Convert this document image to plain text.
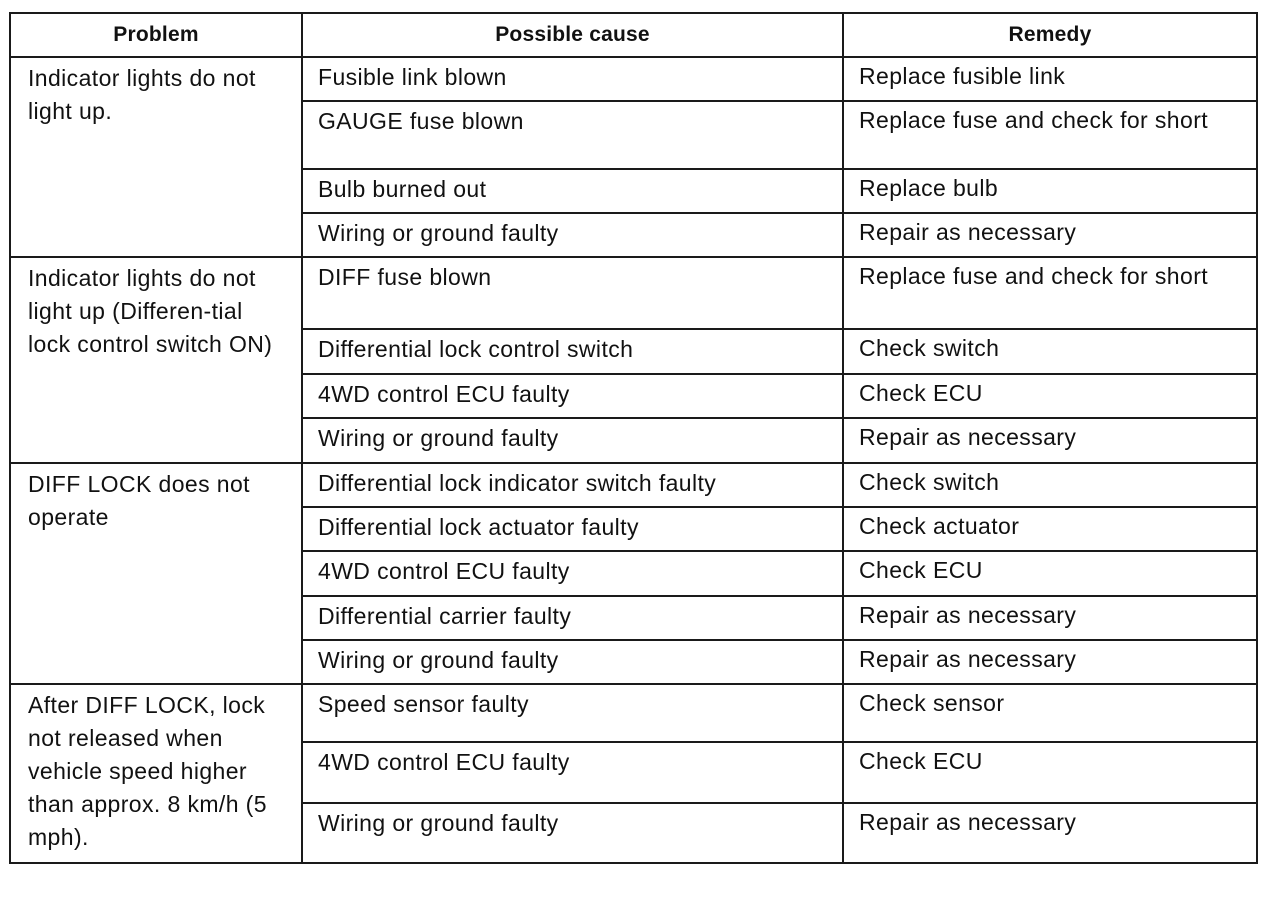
Problem	Possible cause	Remedy

Indicator lights do not light up.	Fusible link blown	Replace fusible link

	GAUGE fuse blown	Replace fuse and check for short

	Bulb burned out	Replace bulb

	Wiring or ground faulty	Repair as necessary

Indicator lights do not light up (Differen-tial lock control switch ON)	DIFF fuse blown	Replace fuse and check for short

	Differential lock control switch	Check switch

	4WD control ECU faulty	Check ECU

	Wiring or ground faulty	Repair as necessary

DIFF LOCK does not operate	Differential lock indicator switch faulty	Check switch

	Differential lock actuator faulty	Check actuator

	4WD control ECU faulty	Check ECU

	Differential carrier faulty	Repair as necessary

	Wiring or ground faulty	Repair as necessary

After DIFF LOCK, lock not released when vehicle speed higher than approx. 8 km/h (5 mph).	Speed sensor faulty	Check sensor

	4WD control ECU faulty	Check ECU

	Wiring or ground faulty	Repair as necessary
